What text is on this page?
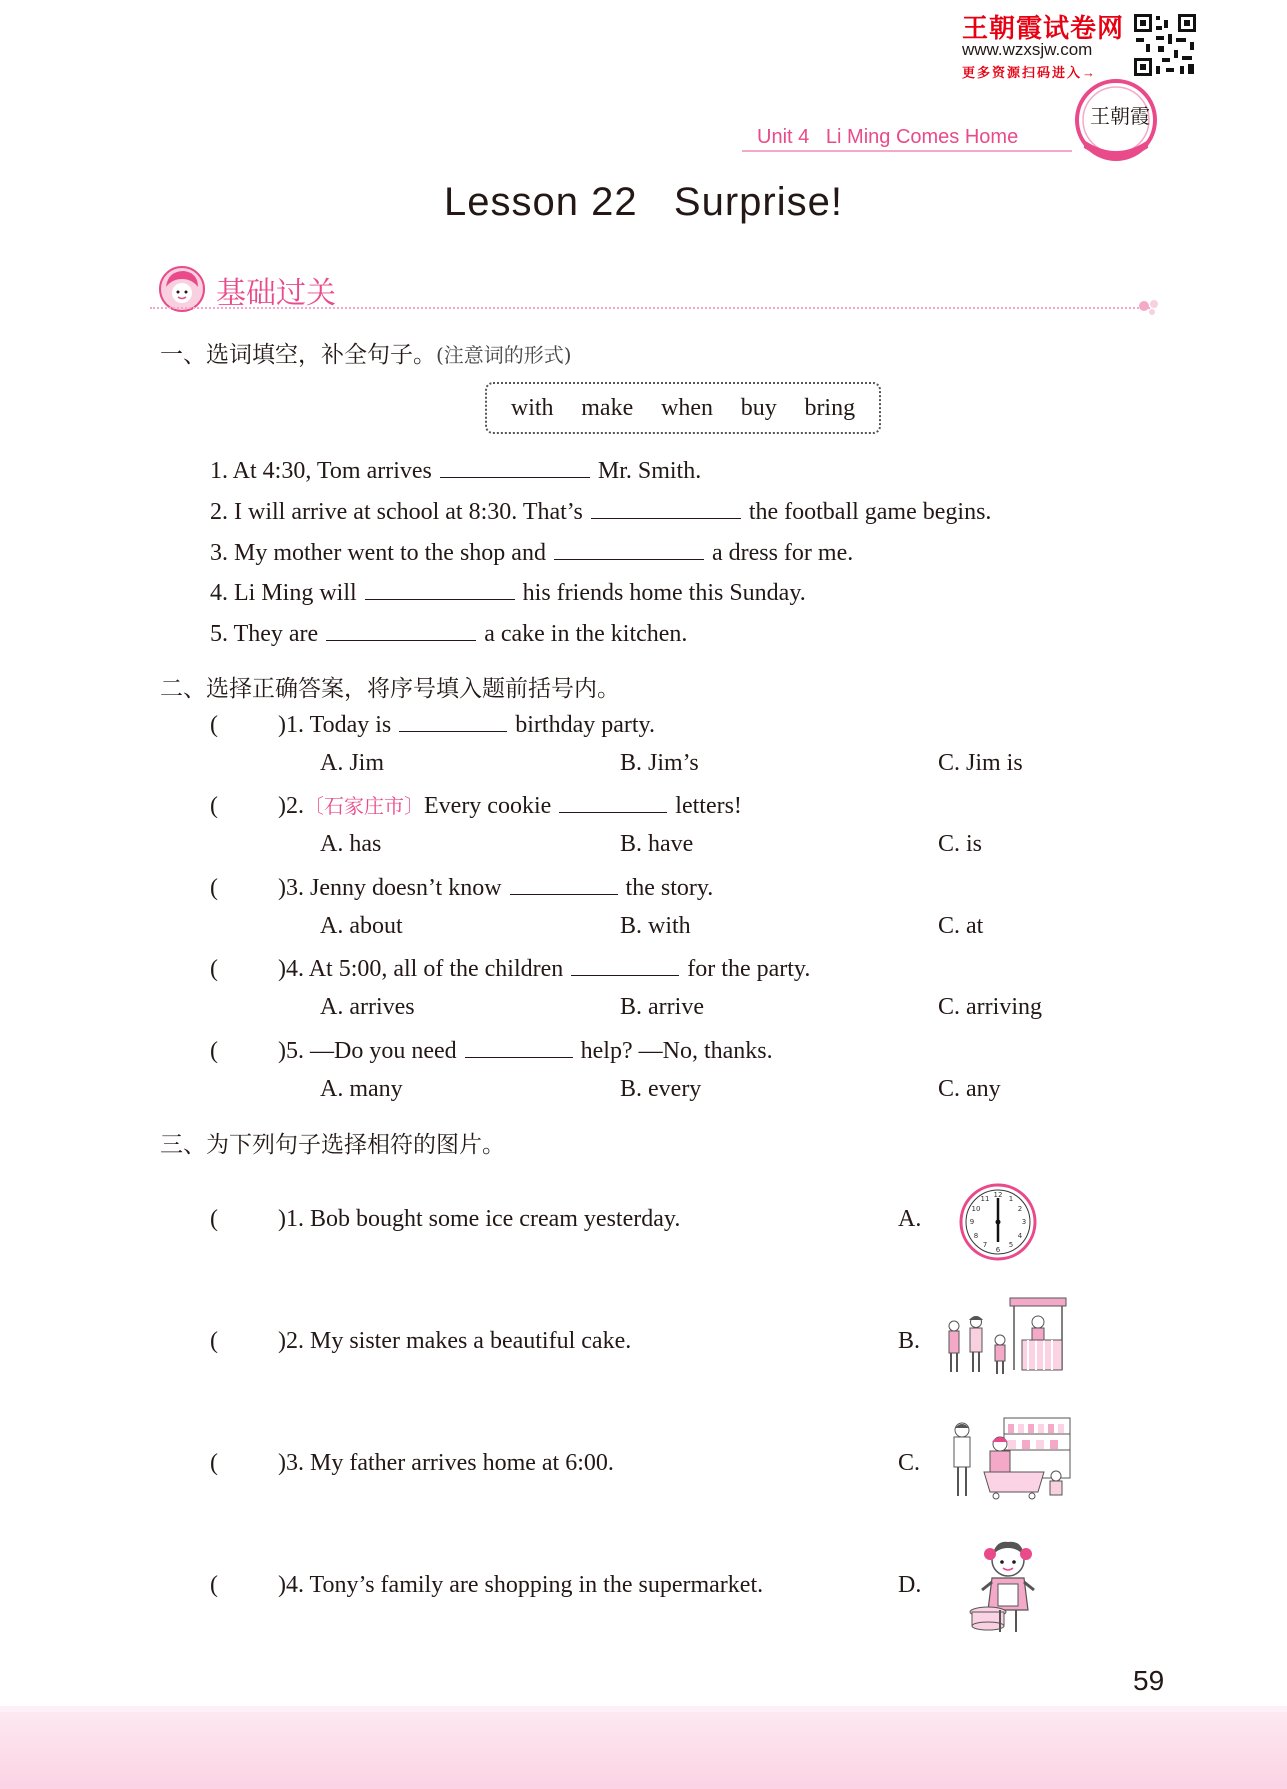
王朝霞试卷网
www.wzxsjw.com
更多资源扫码进入→
王朝霞
Unit 4   Li Ming Comes Home
Lesson 22   Surprise!
基础过关
一、选词填空，补全句子。(注意词的形式)
with make when buy bring
1. At 4:30, Tom arrives	Mr. Smith.
2. I will arrive at school at 8:30. That’s	the football game begins.
3. My mother went to the shop and	a dress for me.
4. Li Ming will	his friends home this Sunday.
5. They are	a cake in the kitchen.
二、选择正确答案，将序号填入题前括号内。
(	)1. Today is	birthday party.
A. Jim	B. Jim’s	C. Jim is
(	)2.〔石家庄市〕Every cookie	letters!
A. has	B. have	C. is
(	)3. Jenny doesn’t know	the story.
A. about	B. with	C. at
(	)4. At 5:00, all of the children	for the party.
A. arrives	B. arrive	C. arriving
(	)5. —Do you need	help? —No, thanks.
A. many	B. every	C. any
三、为下列句子选择相符的图片。
(	)1. Bob bought some ice cream yesterday.	A.
12 1
2
3
4
5
6
7
8
9
10
11
(	)2. My sister makes a beautiful cake.	B.
(	)3. My father arrives home at 6:00.	C.
(	)4. Tony’s family are shopping in the supermarket.	D.
59
